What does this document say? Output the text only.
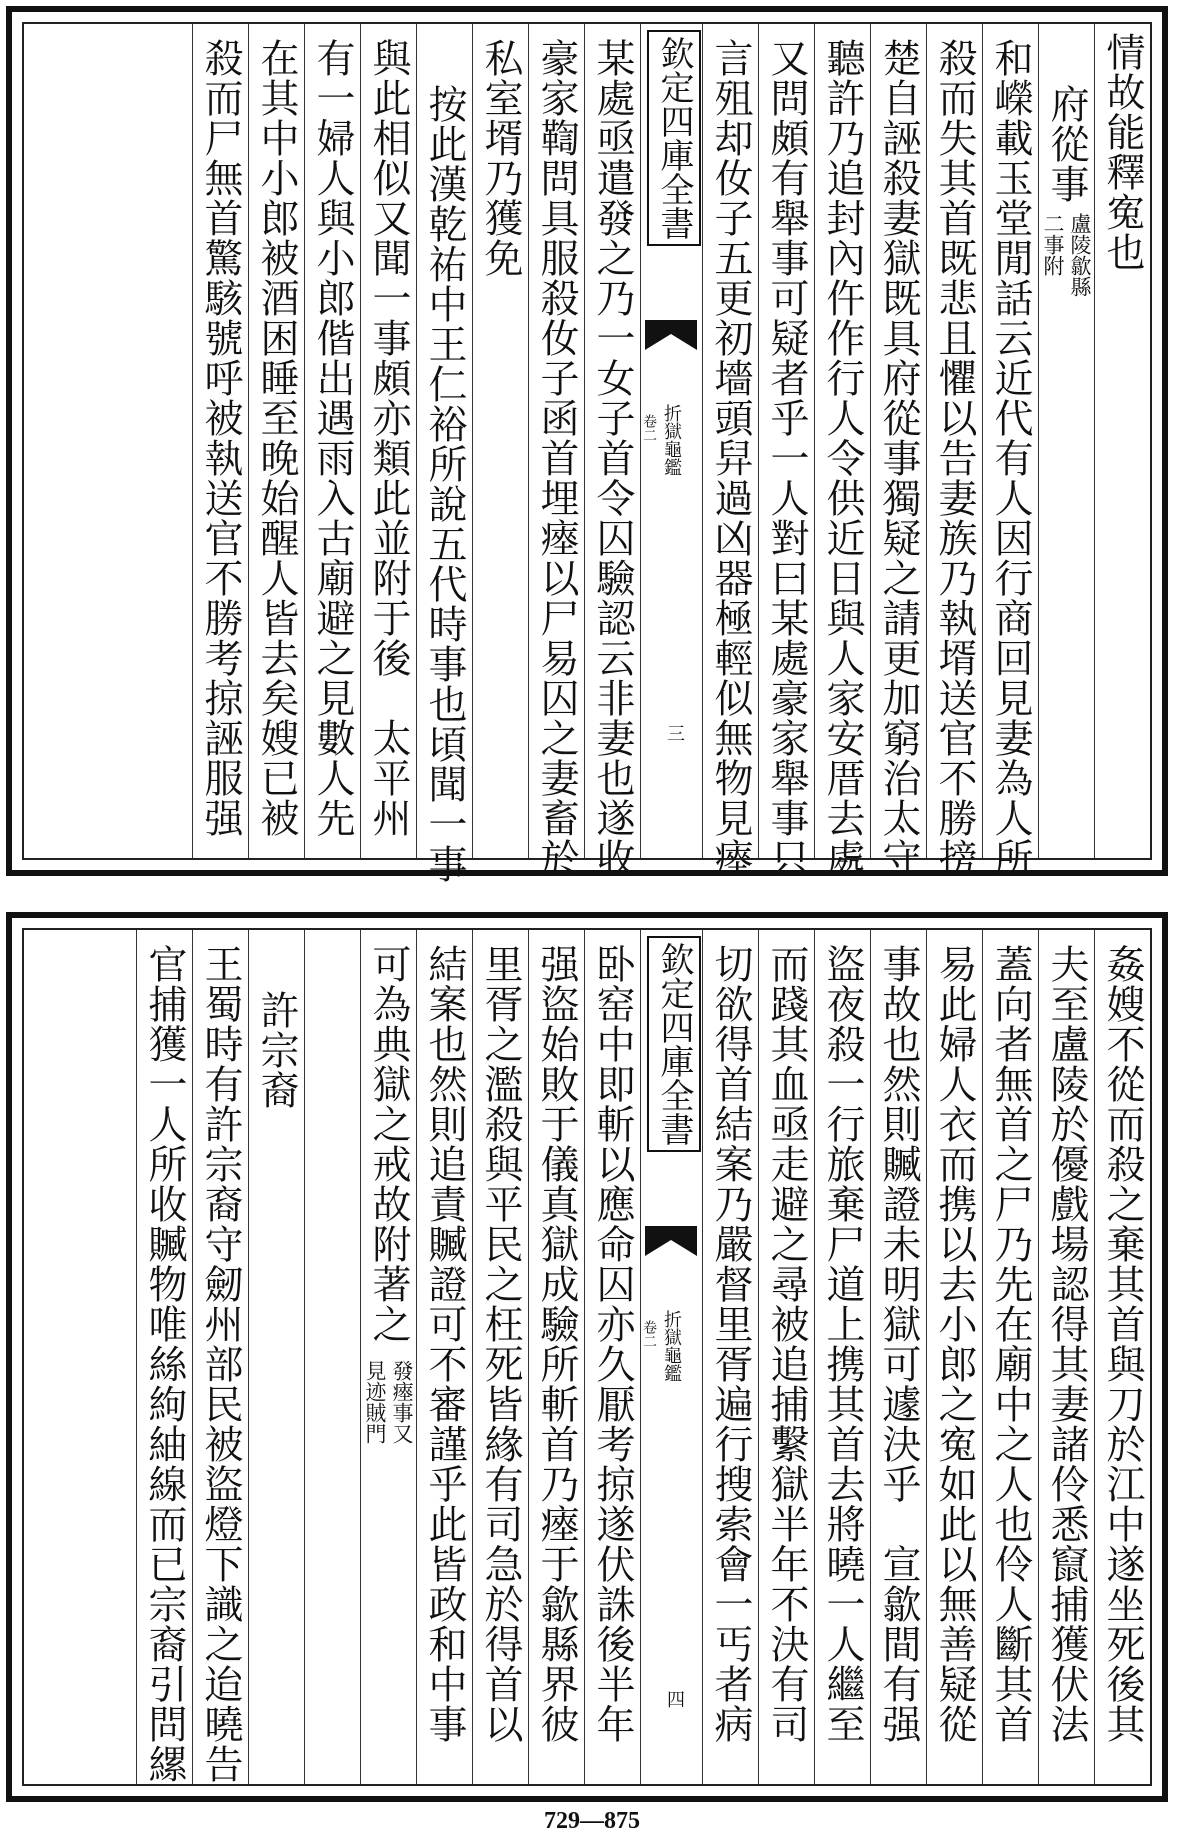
情故能釋寃也
府從事
盧陵歙縣
二事附
和嶸載玉堂閒話云近代有人因行商回見妻為人所
殺而失其首既悲且懼以告妻族乃執壻送官不勝搒
楚自誣殺妻獄既具府從事獨疑之請更加窮治太守
聽許乃追封內仵作行人令供近日與人家安厝去處
又問頗有舉事可疑者乎一人對曰某處豪家舉事只
言殂却㚢子五更初墻頭舁過凶器極輕似無物見瘞
欽定四庫全書
折獄龜鑑
卷二
三
某處亟遣發之乃一女子首令囚驗認云非妻也遂收
豪家鞫問具服殺㚢子函首埋瘞以尸易囚之妻畜於
私室壻乃獲免
按此漢乾祐中王仁裕所說五代時事也頃聞一事
與此相似又聞一事頗亦類此並附于後　太平州
有一婦人與小郎偕出遇雨入古廟避之見數人先
在其中小郎被酒困睡至晚始醒人皆去矣嫂已被
殺而尸無首驚駭號呼被執送官不勝考掠誣服强
姦嫂不從而殺之棄其首與刀於江中遂坐死後其
夫至盧陵於優戲場認得其妻諸伶悉竄捕獲伏法
蓋向者無首之尸乃先在廟中之人也伶人斷其首
易此婦人衣而携以去小郎之寃如此以無善疑從
事故也然則贓證未明獄可遽決乎　宣歙間有强
盜夜殺一行旅棄尸道上携其首去將曉一人繼至
而踐其血亟走避之尋被追捕繫獄半年不決有司
切欲得首結案乃嚴督里胥遍行搜索會一丐者病
欽定四庫全書
折獄龜鑑
卷二
四
卧窑中即斬以應命囚亦久厭考掠遂伏誅後半年
强盜始敗于儀真獄成驗所斬首乃瘞于歙縣界彼
里胥之濫殺與平民之枉死皆緣有司急於得首以
結案也然則追責贓證可不審謹乎此皆政和中事
可為典獄之戒故附著之
發瘞事又
見迹賊門
許宗裔
王蜀時有許宗裔守劒州部民被盜燈下識之迨曉告
官捕獲一人所收贓物唯絲絇紬線而已宗裔引問縲
729—875
